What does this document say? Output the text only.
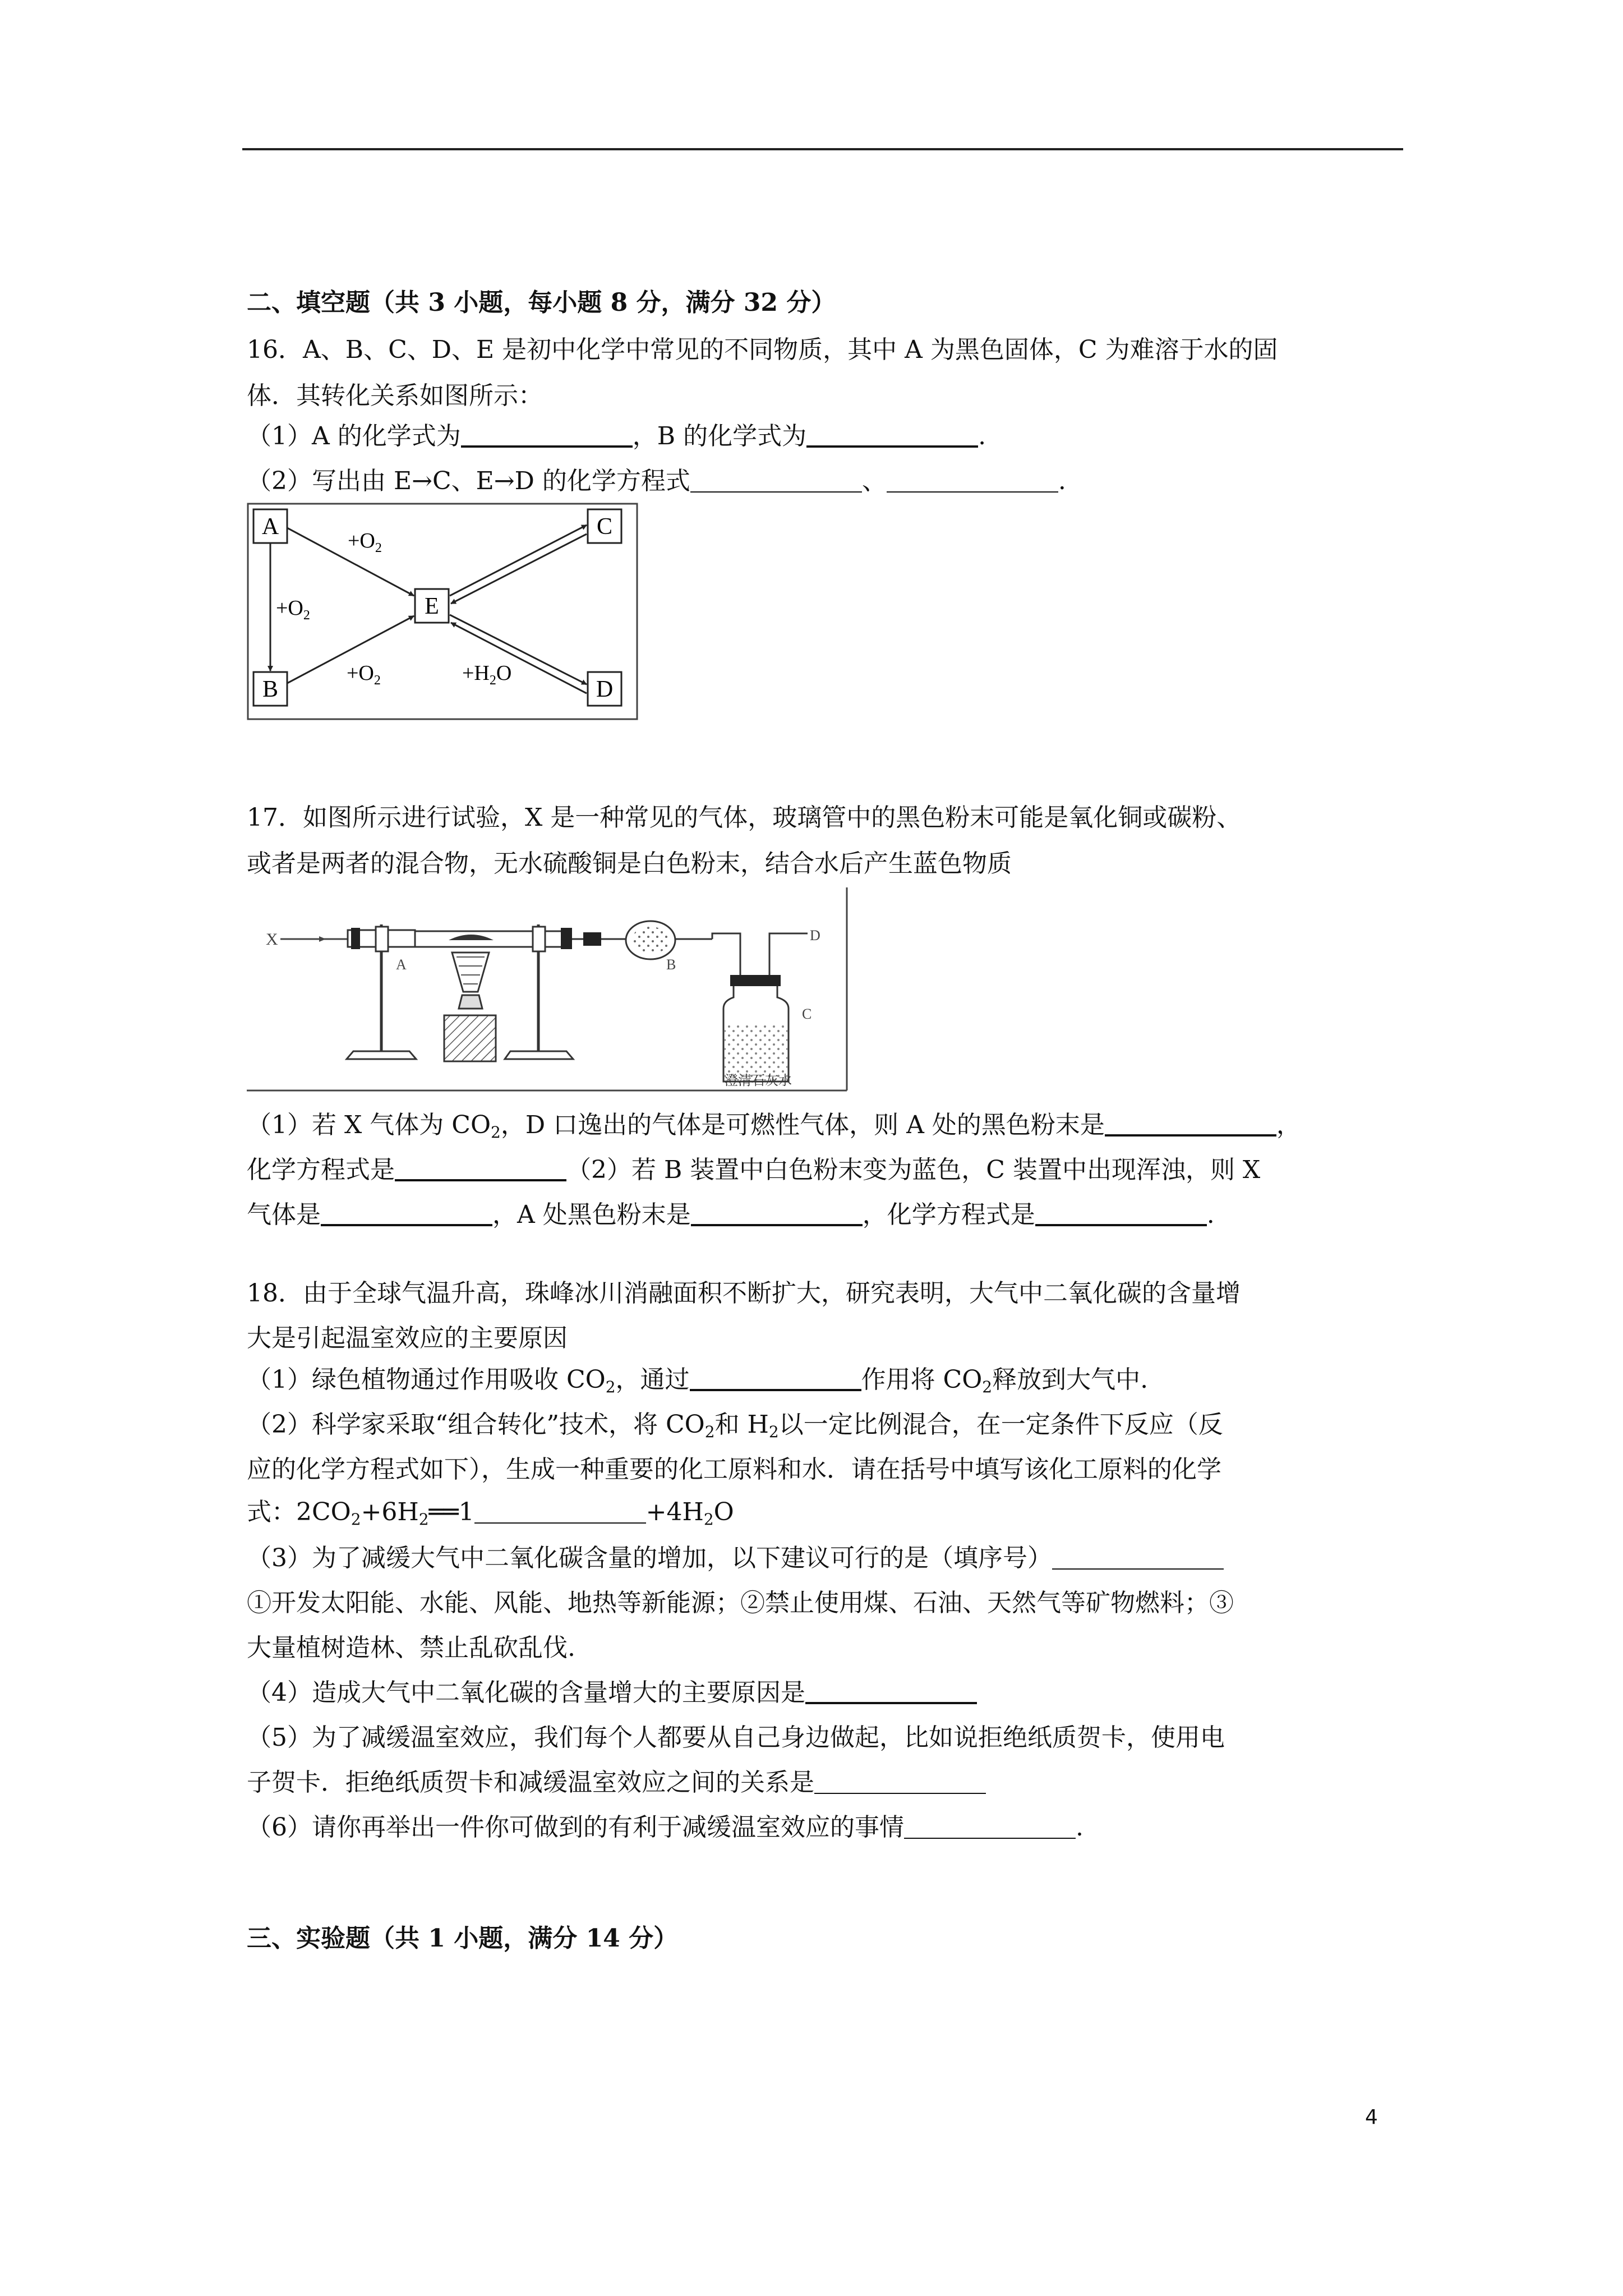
二、填空题（共 3 小题，每小题 8 分，满分 32 分）
16．A、B、C、D、E 是初中化学中常见的不同物质，其中 A 为黑色固体，C 为难溶于水的固
体．其转化关系如图所示：
（1）A 的化学式为	，B 的化学式为	.
（2）写出由 E→C、E→D 的化学方程式	、	.
A
B
C
D
E
$+O_2$
$+O_2$
$+O_2$	$+H_2O$
17．如图所示进行试验，X 是一种常见的气体，玻璃管中的黑色粉末可能是氧化铜或碳粉、
或者是两者的混合物，无水硫酸铜是白色粉末，结合水后产生蓝色物质
X
A	B
D
C
澄清石灰水
（1）若 X 气体为 $CO_2$，D 口逸出的气体是可燃性气体，则 A 处的黑色粉末是	，
化学方程式是	（2）若 B 装置中白色粉末变为蓝色，C 装置中出现浑浊，则 X
气体是	，A 处黑色粉末是	，化学方程式是	.
18．由于全球气温升高，珠峰冰川消融面积不断扩大，研究表明，大气中二氧化碳的含量增
大是引起温室效应的主要原因
（1）绿色植物通过作用吸收 $CO_2$，通过	作用将 $CO_2$释放到大气中.
（2）科学家采取“组合转化”技术，将 $CO_2$和 $H_2$以一定比例混合，在一定条件下反应（反
应的化学方程式如下），生成一种重要的化工原料和水．请在括号中填写该化工原料的化学
式：$2CO_2+6H_2══1$	$+4H_2O$
（3）为了减缓大气中二氧化碳含量的增加，以下建议可行的是（填序号）
①开发太阳能、水能、风能、地热等新能源；②禁止使用煤、石油、天然气等矿物燃料；③
大量植树造林、禁止乱砍乱伐.
（4）造成大气中二氧化碳的含量增大的主要原因是
（5）为了减缓温室效应，我们每个人都要从自己身边做起，比如说拒绝纸质贺卡，使用电
子贺卡．拒绝纸质贺卡和减缓温室效应之间的关系是
（6）请你再举出一件你可做到的有利于减缓温室效应的事情	.
三、实验题（共 1 小题，满分 14 分）
4
